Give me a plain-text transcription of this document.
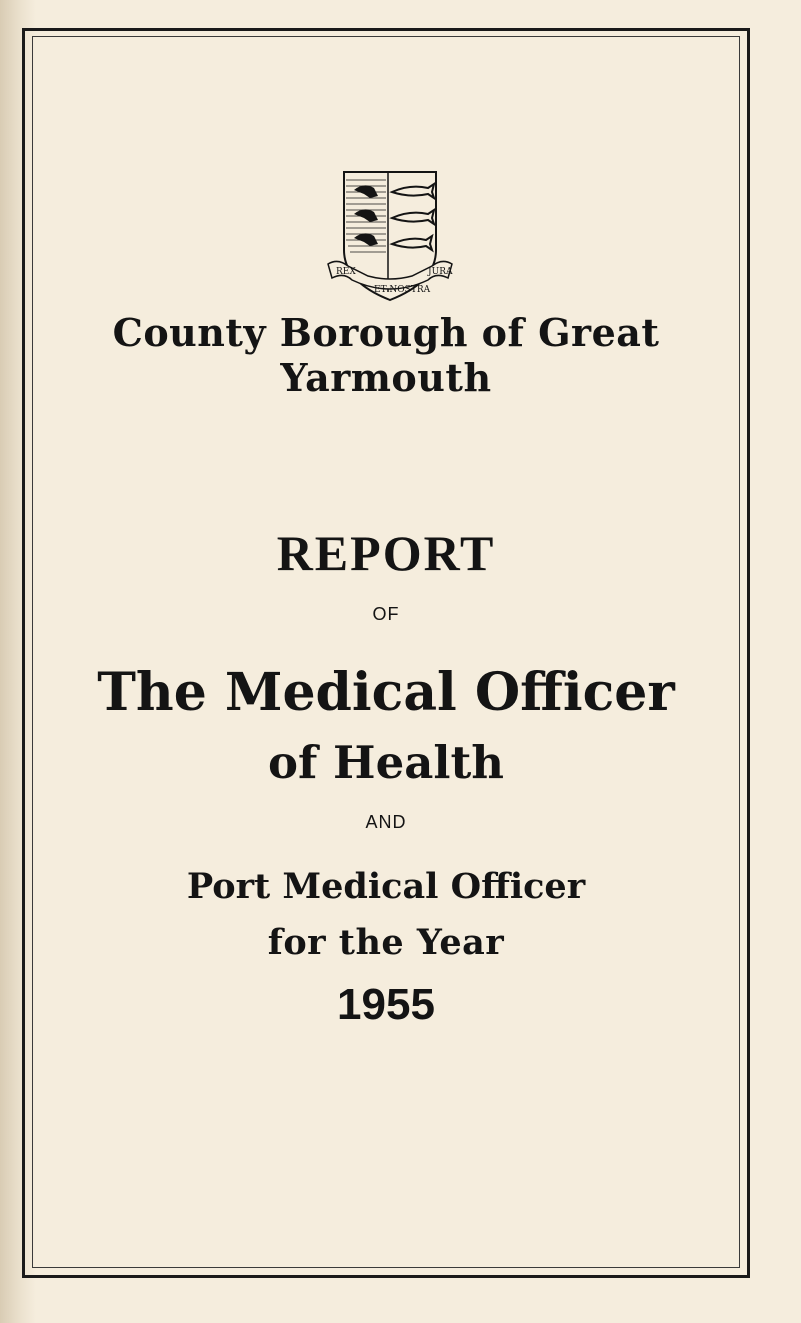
REX	JURA
ET NOSTRA
County Borough of Great Yarmouth
REPORT
OF
The Medical Officer
of Health
AND
Port Medical Officer
for the Year
1955
